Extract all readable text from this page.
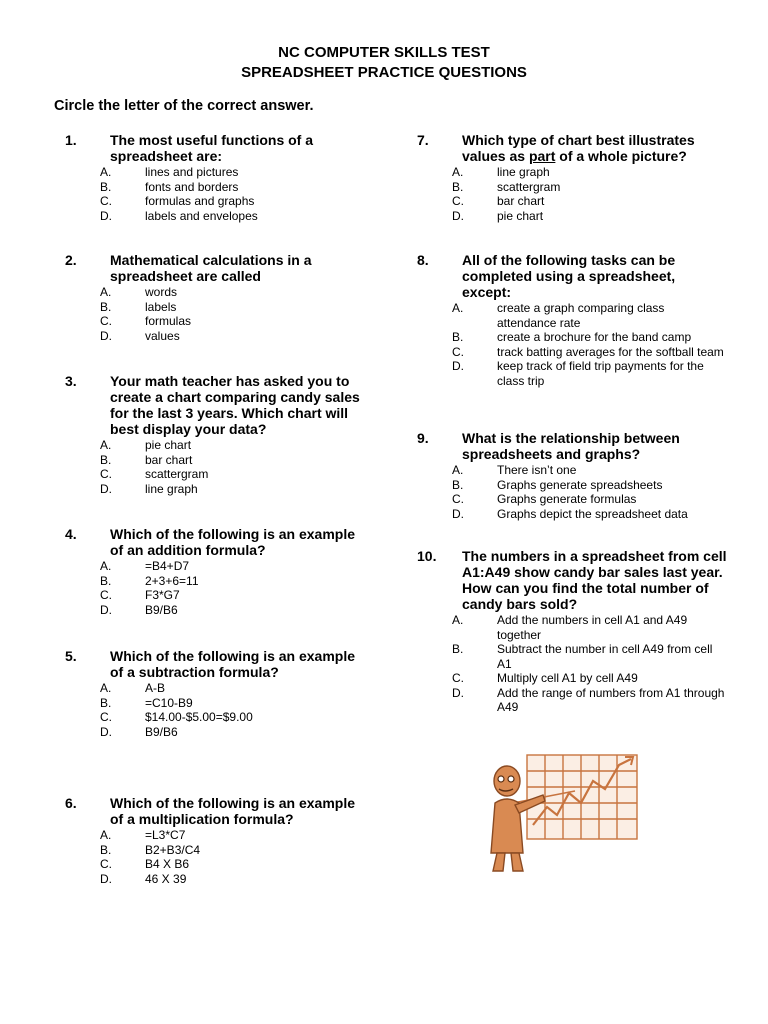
NC COMPUTER SKILLS TEST
SPREADSHEET PRACTICE QUESTIONS
Circle the letter of the correct answer.
1. The most useful functions of a spreadsheet are:
A.	lines and pictures
B.	fonts and borders
C.	formulas and graphs
D.	labels and envelopes
2. Mathematical calculations in a spreadsheet are called
A.	words
B.	labels
C.	formulas
D.	values
3. Your math teacher has asked you to create a chart comparing candy sales for the last 3 years. Which chart will best display your data?
A.	pie chart
B.	bar chart
C.	scattergram
D.	line graph
4. Which of the following is an example of an addition formula?
A.	=B4+D7
B.	2+3+6=11
C.	F3*G7
D.	B9/B6
5. Which of the following is an example of a subtraction formula?
A.	A-B
B.	=C10-B9
C.	$14.00-$5.00=$9.00
D.	B9/B6
6. Which of the following is an example of a multiplication formula?
A.	=L3*C7
B.	B2+B3/C4
C.	B4 X B6
D.	46 X 39
7. Which type of chart best illustrates values as part of a whole picture?
A.	line graph
B.	scattergram
C.	bar chart
D.	pie chart
8. All of the following tasks can be completed using a spreadsheet, except:
A.	create a graph comparing class attendance rate
B.	create a brochure for the band camp
C.	track batting averages for the softball team
D.	keep track of field trip payments for the class trip
9. What is the relationship between spreadsheets and graphs?
A.	There isn’t one
B.	Graphs generate spreadsheets
C.	Graphs generate formulas
D.	Graphs depict the spreadsheet data
10. The numbers in a spreadsheet from cell A1:A49 show candy bar sales last year. How can you find the total number of candy bars sold?
A.	Add the numbers in cell A1 and A49 together
B.	Subtract the number in cell A49 from cell A1
C.	Multiply cell A1 by cell A49
D.	Add the range of numbers from A1 through A49
